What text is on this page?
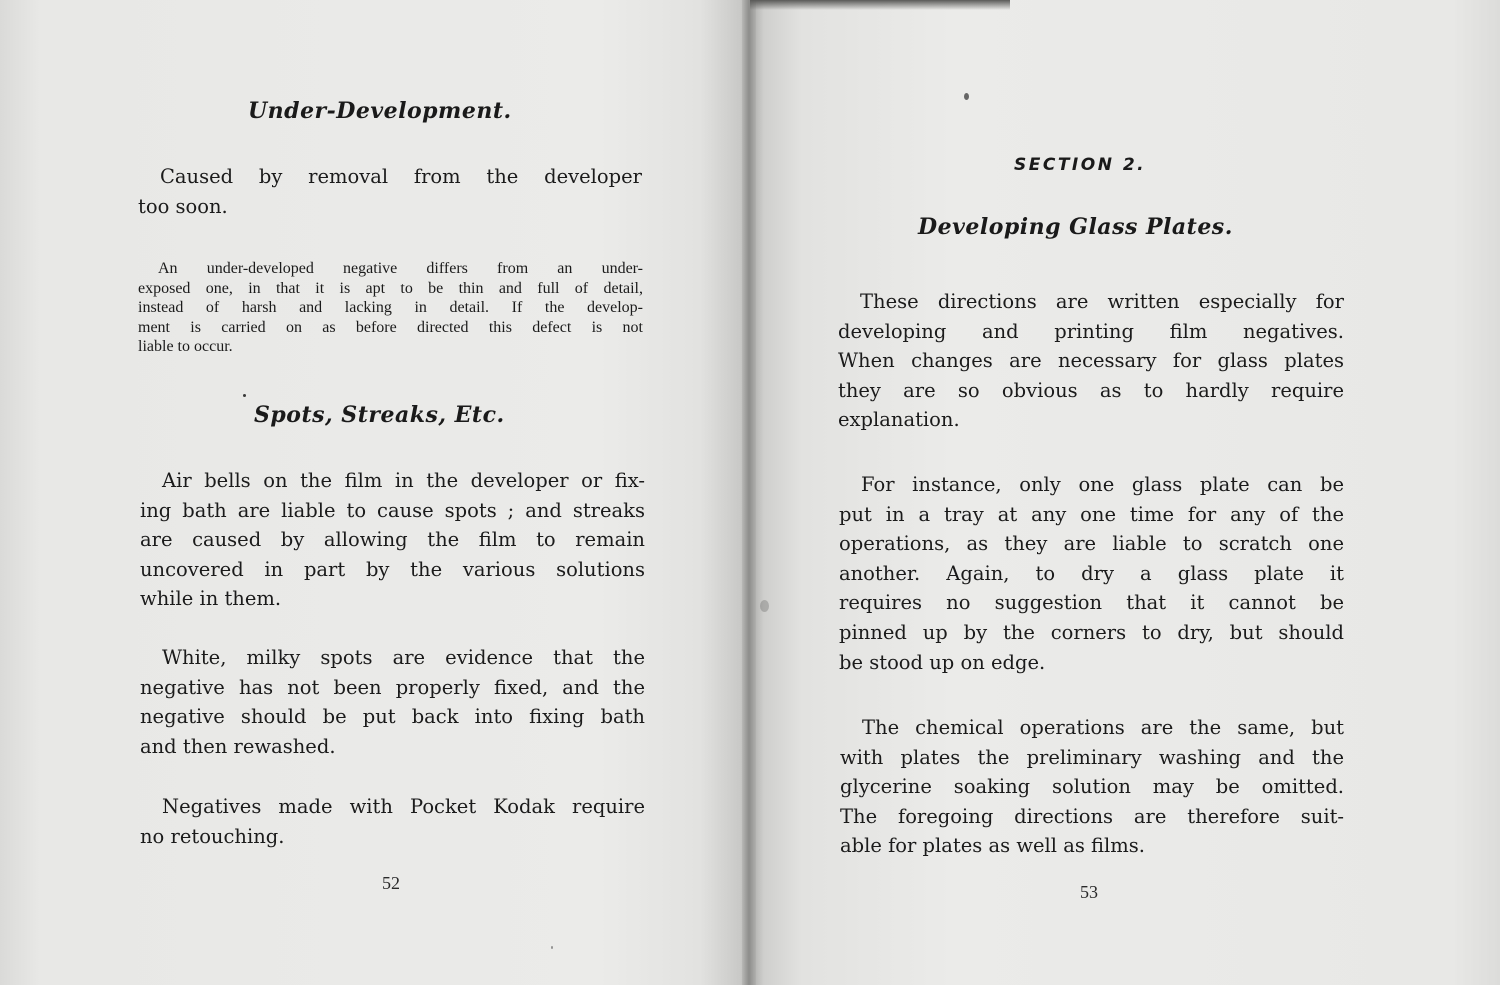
Under-Development.
Caused by removal from the developer
too soon.
An under-developed negative differs from an under-
exposed one, in that it is apt to be thin and full of detail,
instead of harsh and lacking in detail. If the develop-
ment is carried on as before directed this defect is not
liable to occur.
Spots, Streaks, Etc.
Air bells on the film in the developer or fix-
ing bath are liable to cause spots ; and streaks
are caused by allowing the film to remain
uncovered in part by the various solutions
while in them.
White, milky spots are evidence that the
negative has not been properly fixed, and the
negative should be put back into fixing bath
and then rewashed.
Negatives made with Pocket Kodak require
no retouching.
52
SECTION 2.
Developing Glass Plates.
These directions are written especially for
developing and printing film negatives.
When changes are necessary for glass plates
they are so obvious as to hardly require
explanation.
For instance, only one glass plate can be
put in a tray at any one time for any of the
operations, as they are liable to scratch one
another. Again, to dry a glass plate it
requires no suggestion that it cannot be
pinned up by the corners to dry, but should
be stood up on edge.
The chemical operations are the same, but
with plates the preliminary washing and the
glycerine soaking solution may be omitted.
The foregoing directions are therefore suit-
able for plates as well as films.
53
